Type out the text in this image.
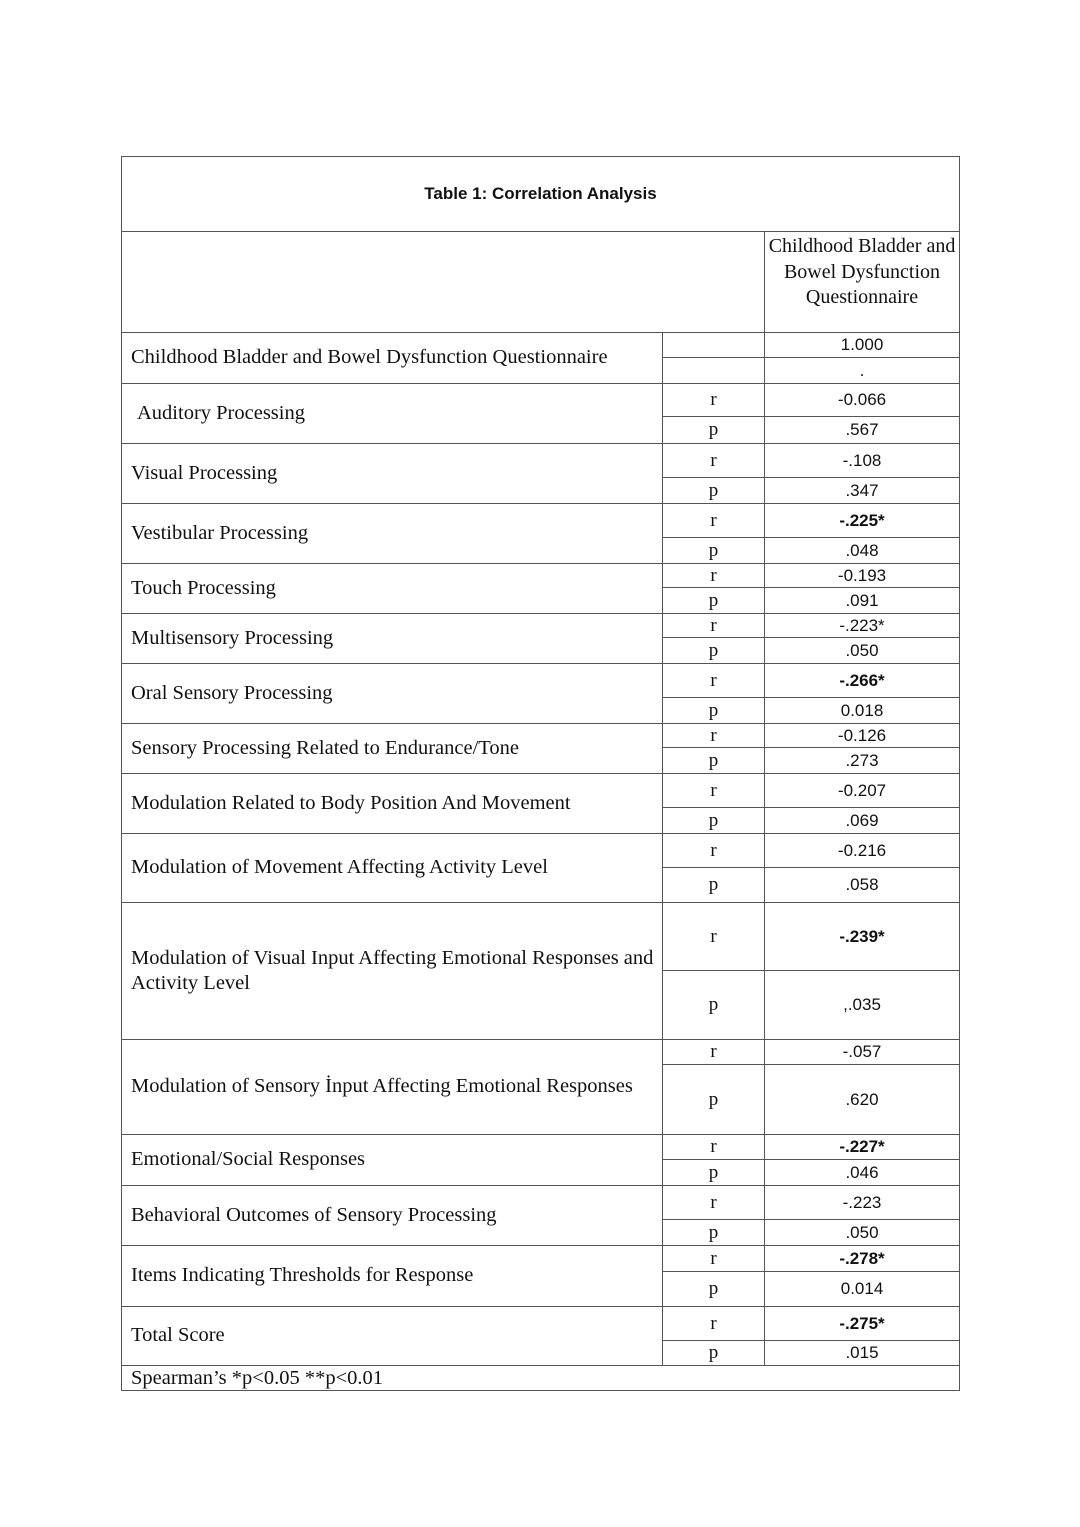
Table 1: Correlation Analysis		
		Childhood Bladder and Bowel Dysfunction Questionnaire
Childhood Bladder and Bowel Dysfunction Questionnaire		1.000
		.
Auditory Processing	r	-0.066
	p	.567
Visual Processing	r	-.108
	p	.347
Vestibular Processing	r	-.225*
	p	.048
Touch Processing	r	-0.193
	p	.091
Multisensory Processing	r	-.223*
	p	.050
Oral Sensory Processing	r	-.266*
	p	0.018
Sensory Processing Related to Endurance/Tone	r	-0.126
	p	.273
Modulation Related to Body Position And Movement	r	-0.207
	p	.069
Modulation of Movement Affecting Activity Level	r	-0.216
	p	.058
Modulation of Visual Input Affecting Emotional Responses and Activity Level	r	-.239*
	p	,.035
Modulation of Sensory İnput Affecting Emotional Responses	r	-.057
	p	.620
Emotional/Social Responses	r	-.227*
	p	.046
Behavioral Outcomes of Sensory Processing	r	-.223
	p	.050
Items Indicating Thresholds for Response	r	-.278*
	p	0.014
Total Score	r	-.275*
	p	.015
Spearman’s *p<0.05 **p<0.01		
